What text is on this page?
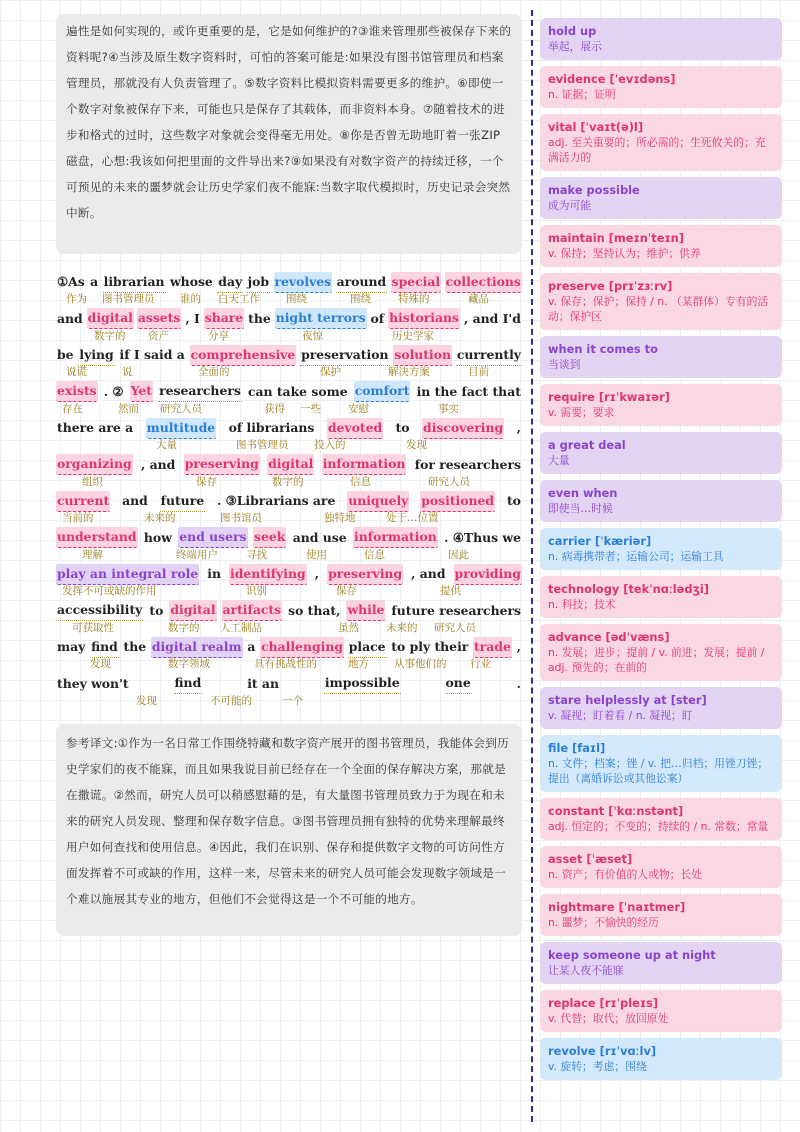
遍性是如何实现的，或许更重要的是，它是如何维护的?③谁来管理那些被保存下来的资料呢?④当涉及原生数字资料时，可怕的答案可能是:如果没有图书馆管理员和档案管理员，那就没有人负责管理了。⑤数字资料比模拟资料需要更多的维护。⑥即使一个数字对象被保存下来，可能也只是保存了其载体，而非资料本身。⑦随着技术的进步和格式的过时，这些数字对象就会变得毫无用处。⑧你是否曾无助地盯着一张ZIP磁盘，心想:我该如何把里面的文件导出来?⑨如果没有对数字资产的持续迁移，一个可预见的未来的噩梦就会让历史学家们夜不能寐:当数字取代模拟时，历史记录会突然中断。
①As a librarian whose day job revolves around special collections
作为 图书管理员 谁的 白天工作 围绕	围绕	特殊的	藏品
and digital assets , I share the night terrors of historians , and I'd
数字的 资产	分享	夜惊	历史学家
be lying if I said a comprehensive preservation solution currently
说谎	说	全面的	保护	解决方案	目前
exists . ② Yet researchers can take some comfort in the fact that
存在	然而 研究人员	获得 一些	安慰	事实
there are a multitude of librarians devoted to discovering ,
大量	图书管理员 投入的	发现
organizing , and preserving digital information for researchers
组织	保存	数字的	信息	研究人员
current and future . ③Librarians are uniquely positioned to
当前的	未来的	图书馆员	独特地	处于…位置
understand how end users seek and use information . ④Thus we
理解	终端用户	寻找	使用	信息	因此
play an integral role in identifying , preserving , and providing
发挥不可或缺的作用	识别	保存	提供
accessibility to digital artifacts so that, while future researchers
可获取性	数字的 人工制品	虽然	未来的 研究人员
may find the digital realm a challenging place to ply their trade ,
发现	数字领域	具有挑战性的	地方 从事他们的 行业
they won't	find	it an	impossible	one	.
发现	不可能的	一个
参考译文:①作为一名日常工作围绕特藏和数字资产展开的图书管理员，我能体会到历史学家们的夜不能寐，而且如果我说目前已经存在一个全面的保存解决方案，那就是在撒谎。②然而，研究人员可以稍感慰藉的是，有大量图书管理员致力于为现在和未来的研究人员发现、整理和保存数字信息。③图书管理员拥有独特的优势来理解最终用户如何查找和使用信息。④因此，我们在识别、保存和提供数字文物的可访问性方面发挥着不可或缺的作用，这样一来，尽管未来的研究人员可能会发现数字领域是一个难以施展其专业的地方，但他们不会觉得这是一个不可能的地方。
hold up
举起，展示
evidence [ˈevɪdəns]
n. 证据；证明
vital [ˈvaɪt(ə)l]
adj. 至关重要的；所必需的；生死攸关的；充满活力的
make possible
成为可能
maintain [meɪnˈteɪn]
v. 保持；坚持认为；维护；供养
preserve [prɪˈzɜːrv]
v. 保存；保护；保持 / n. （某群体）专有的活动；保护区
when it comes to
当谈到
require [rɪˈkwaɪər]
v. 需要；要求
a great deal
大量
even when
即使当…时候
carrier [ˈkæriər]
n. 病毒携带者；运输公司；运输工具
technology [tekˈnɑːlədʒi]
n. 科技；技术
advance [ədˈvæns]
n. 发展；进步；提前 / v. 前进；发展；提前 / adj. 预先的；在前的
stare helplessly at [ster]
v. 凝视；盯着看 / n. 凝视；盯
file [faɪl]
n. 文件；档案；锉 / v. 把…归档；用锉刀锉；提出（离婚诉讼或其他讼案）
constant [ˈkɑːnstənt]
adj. 恒定的；不变的；持续的 / n. 常数；常量
asset [ˈæset]
n. 资产；有价值的人或物；长处
nightmare [ˈnaɪtmer]
n. 噩梦；不愉快的经历
keep someone up at night
让某人夜不能寐
replace [rɪˈpleɪs]
v. 代替；取代；放回原处
revolve [rɪˈvɑːlv]
v. 旋转；考虑；围绕
